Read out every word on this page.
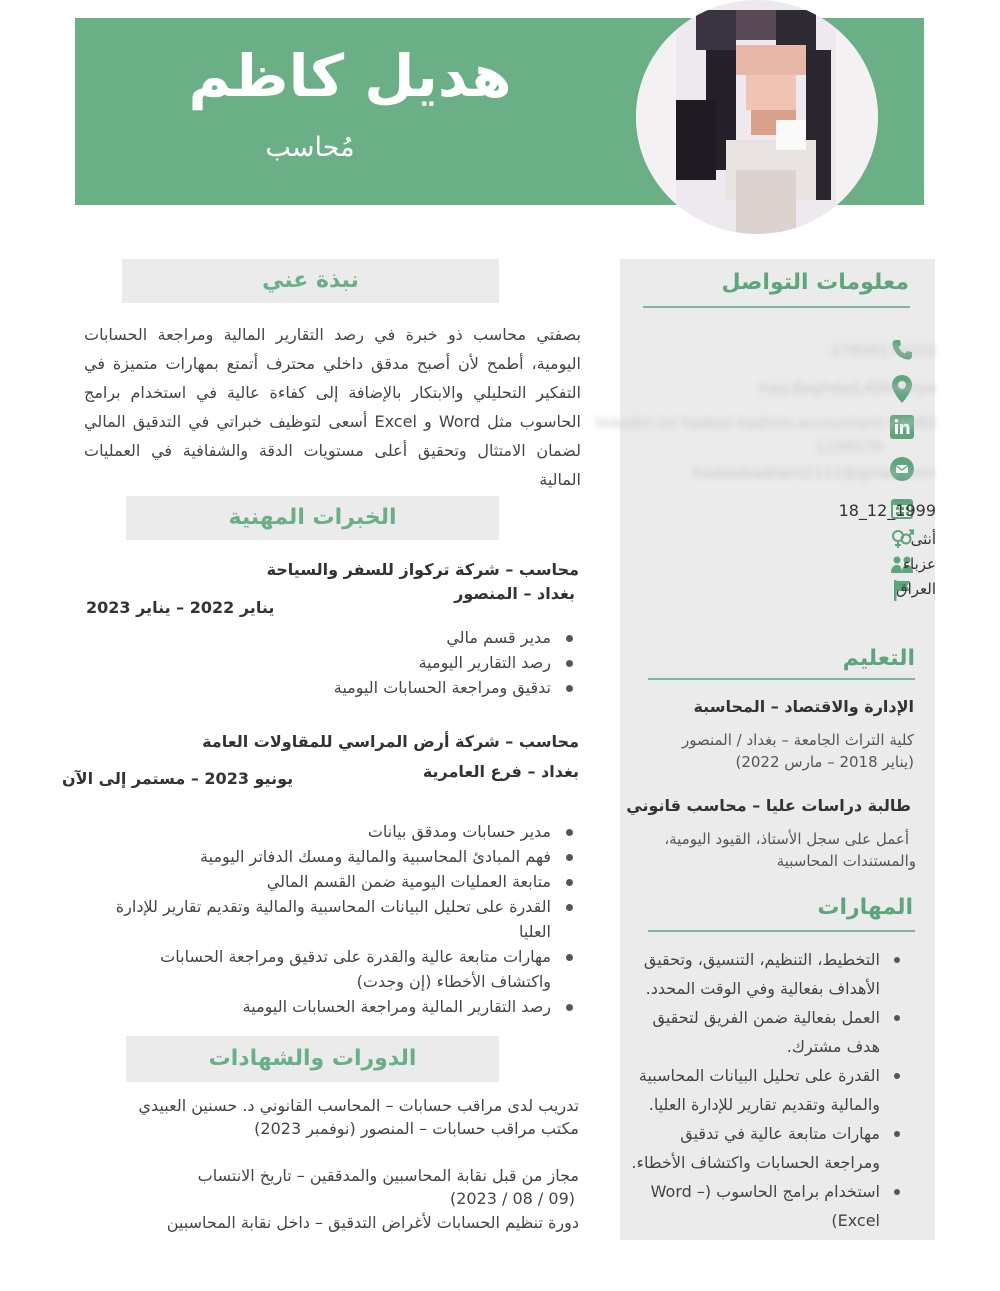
هديل كاظم
مُحاسب
معلومات التواصل
07804170220
Iraq,Baghdad,AlAmiriya
linkedin.in/ hadeel-kadhim-accountant-24680
1234570
hadeelkadhem1111@gmail.com
1999_12_18
أنثى
عزباء
العراق
التعليم
الإدارة والاقتصاد – المحاسبة
كلية التراث الجامعة – بغداد / المنصور
(يناير 2018 – مارس 2022)
طالبة دراسات عليا – محاسب قانوني
أعمل على سجل الأستاذ، القيود اليومية،
والمستندات المحاسبية
المهارات
التخطيط، التنظيم، التنسيق، وتحقيق
الأهداف بفعالية وفي الوقت المحدد.
العمل بفعالية ضمن الفريق لتحقيق
هدف مشترك.
القدرة على تحليل البيانات المحاسبية
والمالية وتقديم تقارير للإدارة العليا.
مهارات متابعة عالية في تدقيق
ومراجعة الحسابات واكتشاف الأخطاء.
استخدام برامج الحاسوب (– Word
Excel)
نبذة عني
بصفتي محاسب ذو خبرة في رصد التقارير المالية ومراجعة الحسابات اليومية، أطمح لأن أصبح مدقق داخلي محترف أتمتع بمهارات متميزة في التفكير التحليلي والابتكار بالإضافة إلى كفاءة عالية في استخدام برامج الحاسوب مثل Word و Excel أسعى لتوظيف خبراتي في التدقيق المالي لضمان الامتثال وتحقيق أعلى مستويات الدقة والشفافية في العمليات المالية
الخبرات المهنية
محاسب – شركة تركواز للسفر والسياحة
بغداد – المنصور
يناير 2022 – يناير 2023
مدير قسم مالي
رصد التقارير اليومية
تدقيق ومراجعة الحسابات اليومية
محاسب – شركة أرض المراسي للمقاولات العامة
بغداد – فرع العامرية
يونيو 2023 – مستمر إلى الآن
مدير حسابات ومدقق بيانات
فهم المبادئ المحاسبية والمالية ومسك الدفاتر اليومية
متابعة العمليات اليومية ضمن القسم المالي
القدرة على تحليل البيانات المحاسبية والمالية وتقديم تقارير للإدارة
العليا
مهارات متابعة عالية والقدرة على تدقيق ومراجعة الحسابات
واكتشاف الأخطاء (إن وجدت)
رصد التقارير المالية ومراجعة الحسابات اليومية
الدورات والشهادات
تدريب لدى مراقب حسابات – المحاسب القانوني د. حسنين العبيدي
مكتب مراقب حسابات – المنصور (نوفمبر 2023)
مجاز من قبل نقابة المحاسبين والمدققين – تاريخ الانتساب
(09 / 08 / 2023)
دورة تنظيم الحسابات لأغراض التدقيق – داخل نقابة المحاسبين
